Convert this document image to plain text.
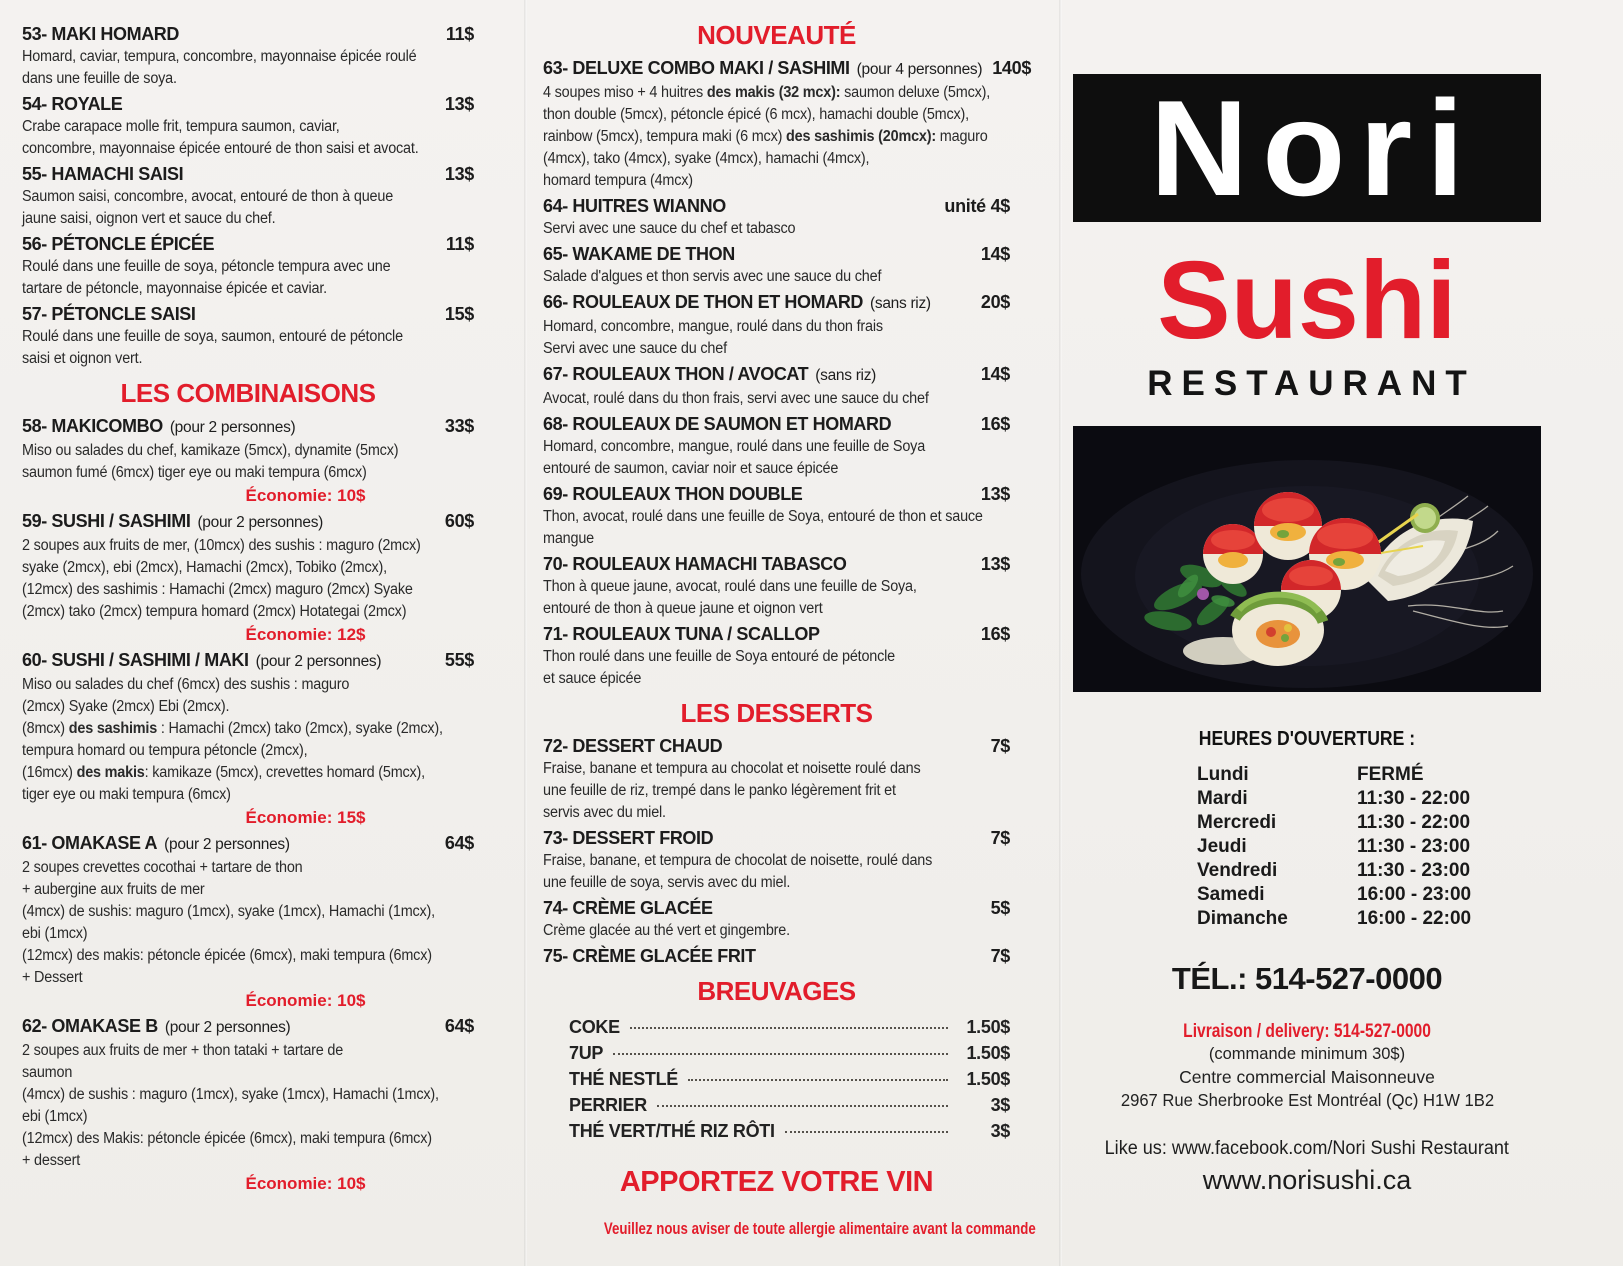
53- MAKI HOMARD	11$
Homard, caviar, tempura, concombre, mayonnaise épicée roulé
dans une feuille de soya.
54- ROYALE	13$
Crabe carapace molle frit, tempura saumon, caviar,
concombre, mayonnaise épicée entouré de thon saisi et avocat.
55- HAMACHI SAISI	13$
Saumon saisi, concombre, avocat, entouré de thon à queue
jaune saisi, oignon vert et sauce du chef.
56- PÉTONCLE ÉPICÉE	11$
Roulé dans une feuille de soya, pétoncle tempura avec une
tartare de pétoncle, mayonnaise épicée et caviar.
57- PÉTONCLE SAISI	15$
Roulé dans une feuille de soya, saumon, entouré de pétoncle
saisi et oignon vert.
LES COMBINAISONS
58- MAKICOMBO (pour 2 personnes)	33$
Miso ou salades du chef, kamikaze (5mcx), dynamite (5mcx)
saumon fumé (6mcx) tiger eye ou maki tempura (6mcx)
Économie: 10$
59- SUSHI / SASHIMI (pour 2 personnes)	60$
2 soupes aux fruits de mer, (10mcx) des sushis : maguro (2mcx)
syake (2mcx), ebi (2mcx), Hamachi (2mcx), Tobiko (2mcx),
(12mcx) des sashimis : Hamachi (2mcx) maguro (2mcx) Syake
(2mcx) tako (2mcx) tempura homard (2mcx) Hotategai (2mcx)
Économie: 12$
60- SUSHI / SASHIMI / MAKI (pour 2 personnes)	55$
Miso ou salades du chef (6mcx) des sushis : maguro
(2mcx) Syake (2mcx) Ebi (2mcx).
(8mcx) des sashimis : Hamachi (2mcx) tako (2mcx), syake (2mcx),
tempura homard ou tempura pétoncle (2mcx),
(16mcx) des makis: kamikaze (5mcx), crevettes homard (5mcx),
tiger eye ou maki tempura (6mcx)
Économie: 15$
61- OMAKASE A (pour 2 personnes)	64$
2 soupes crevettes cocothai + tartare de thon
+ aubergine aux fruits de mer
(4mcx) de sushis: maguro (1mcx), syake (1mcx), Hamachi (1mcx),
ebi (1mcx)
(12mcx) des makis: pétoncle épicée (6mcx), maki tempura (6mcx)
+ Dessert
Économie: 10$
62- OMAKASE B (pour 2 personnes)	64$
2 soupes aux fruits de mer + thon tataki + tartare de
saumon
(4mcx) de sushis : maguro (1mcx), syake (1mcx), Hamachi (1mcx),
ebi (1mcx)
(12mcx) des Makis: pétoncle épicée (6mcx), maki tempura (6mcx)
+ dessert
Économie: 10$
NOUVEAUTÉ
63- DELUXE COMBO MAKI / SASHIMI (pour 4 personnes) 140$
4 soupes miso + 4 huitres des makis (32 mcx): saumon deluxe (5mcx),
thon double (5mcx), pétoncle épicé (6 mcx), hamachi double (5mcx),
rainbow (5mcx), tempura maki (6 mcx) des sashimis (20mcx): maguro
(4mcx), tako (4mcx), syake (4mcx), hamachi (4mcx),
homard tempura (4mcx)
64- HUITRES WIANNO	unité 4$
Servi avec une sauce du chef et tabasco
65- WAKAME DE THON	14$
Salade d'algues et thon servis avec une sauce du chef
66- ROULEAUX DE THON ET HOMARD (sans riz)	20$
Homard, concombre, mangue, roulé dans du thon frais
Servi avec une sauce du chef
67- ROULEAUX THON / AVOCAT (sans riz)	14$
Avocat, roulé dans du thon frais, servi avec une sauce du chef
68- ROULEAUX DE SAUMON ET HOMARD	16$
Homard, concombre, mangue, roulé dans une feuille de Soya
entouré de saumon, caviar noir et sauce épicée
69- ROULEAUX THON DOUBLE	13$
Thon, avocat, roulé dans une feuille de Soya, entouré de thon et sauce
mangue
70- ROULEAUX HAMACHI TABASCO	13$
Thon à queue jaune, avocat, roulé dans une feuille de Soya,
entouré de thon à queue jaune et oignon vert
71- ROULEAUX TUNA / SCALLOP	16$
Thon roulé dans une feuille de Soya entouré de pétoncle
et sauce épicée
LES DESSERTS
72- DESSERT CHAUD	7$
Fraise, banane et tempura au chocolat et noisette roulé dans
une feuille de riz, trempé dans le panko légèrement frit et
servis avec du miel.
73- DESSERT FROID	7$
Fraise, banane, et tempura de chocolat de noisette, roulé dans
une feuille de soya, servis avec du miel.
74- CRÈME GLACÉE	5$
Crème glacée au thé vert et gingembre.
75- CRÈME GLACÉE FRIT	7$
BREUVAGES
COKE	1.50$
7UP	1.50$
THÉ NESTLÉ	1.50$
PERRIER	3$
THÉ VERT/THÉ RIZ RÔTI	3$
APPORTEZ VOTRE VIN
Veuillez nous aviser de toute allergie alimentaire avant la commande
Nori
Sushi
RESTAURANT
HEURES D'OUVERTURE :
Lundi	FERMÉ
Mardi	11:30 - 22:00
Mercredi	11:30 - 22:00
Jeudi	11:30 - 23:00
Vendredi	11:30 - 23:00
Samedi	16:00 - 23:00
Dimanche	16:00 - 22:00
TÉL.: 514-527-0000
Livraison / delivery: 514-527-0000
(commande minimum 30$)
Centre commercial Maisonneuve
2967 Rue Sherbrooke Est Montréal (Qc) H1W 1B2
Like us: www.facebook.com/Nori Sushi Restaurant
www.norisushi.ca
